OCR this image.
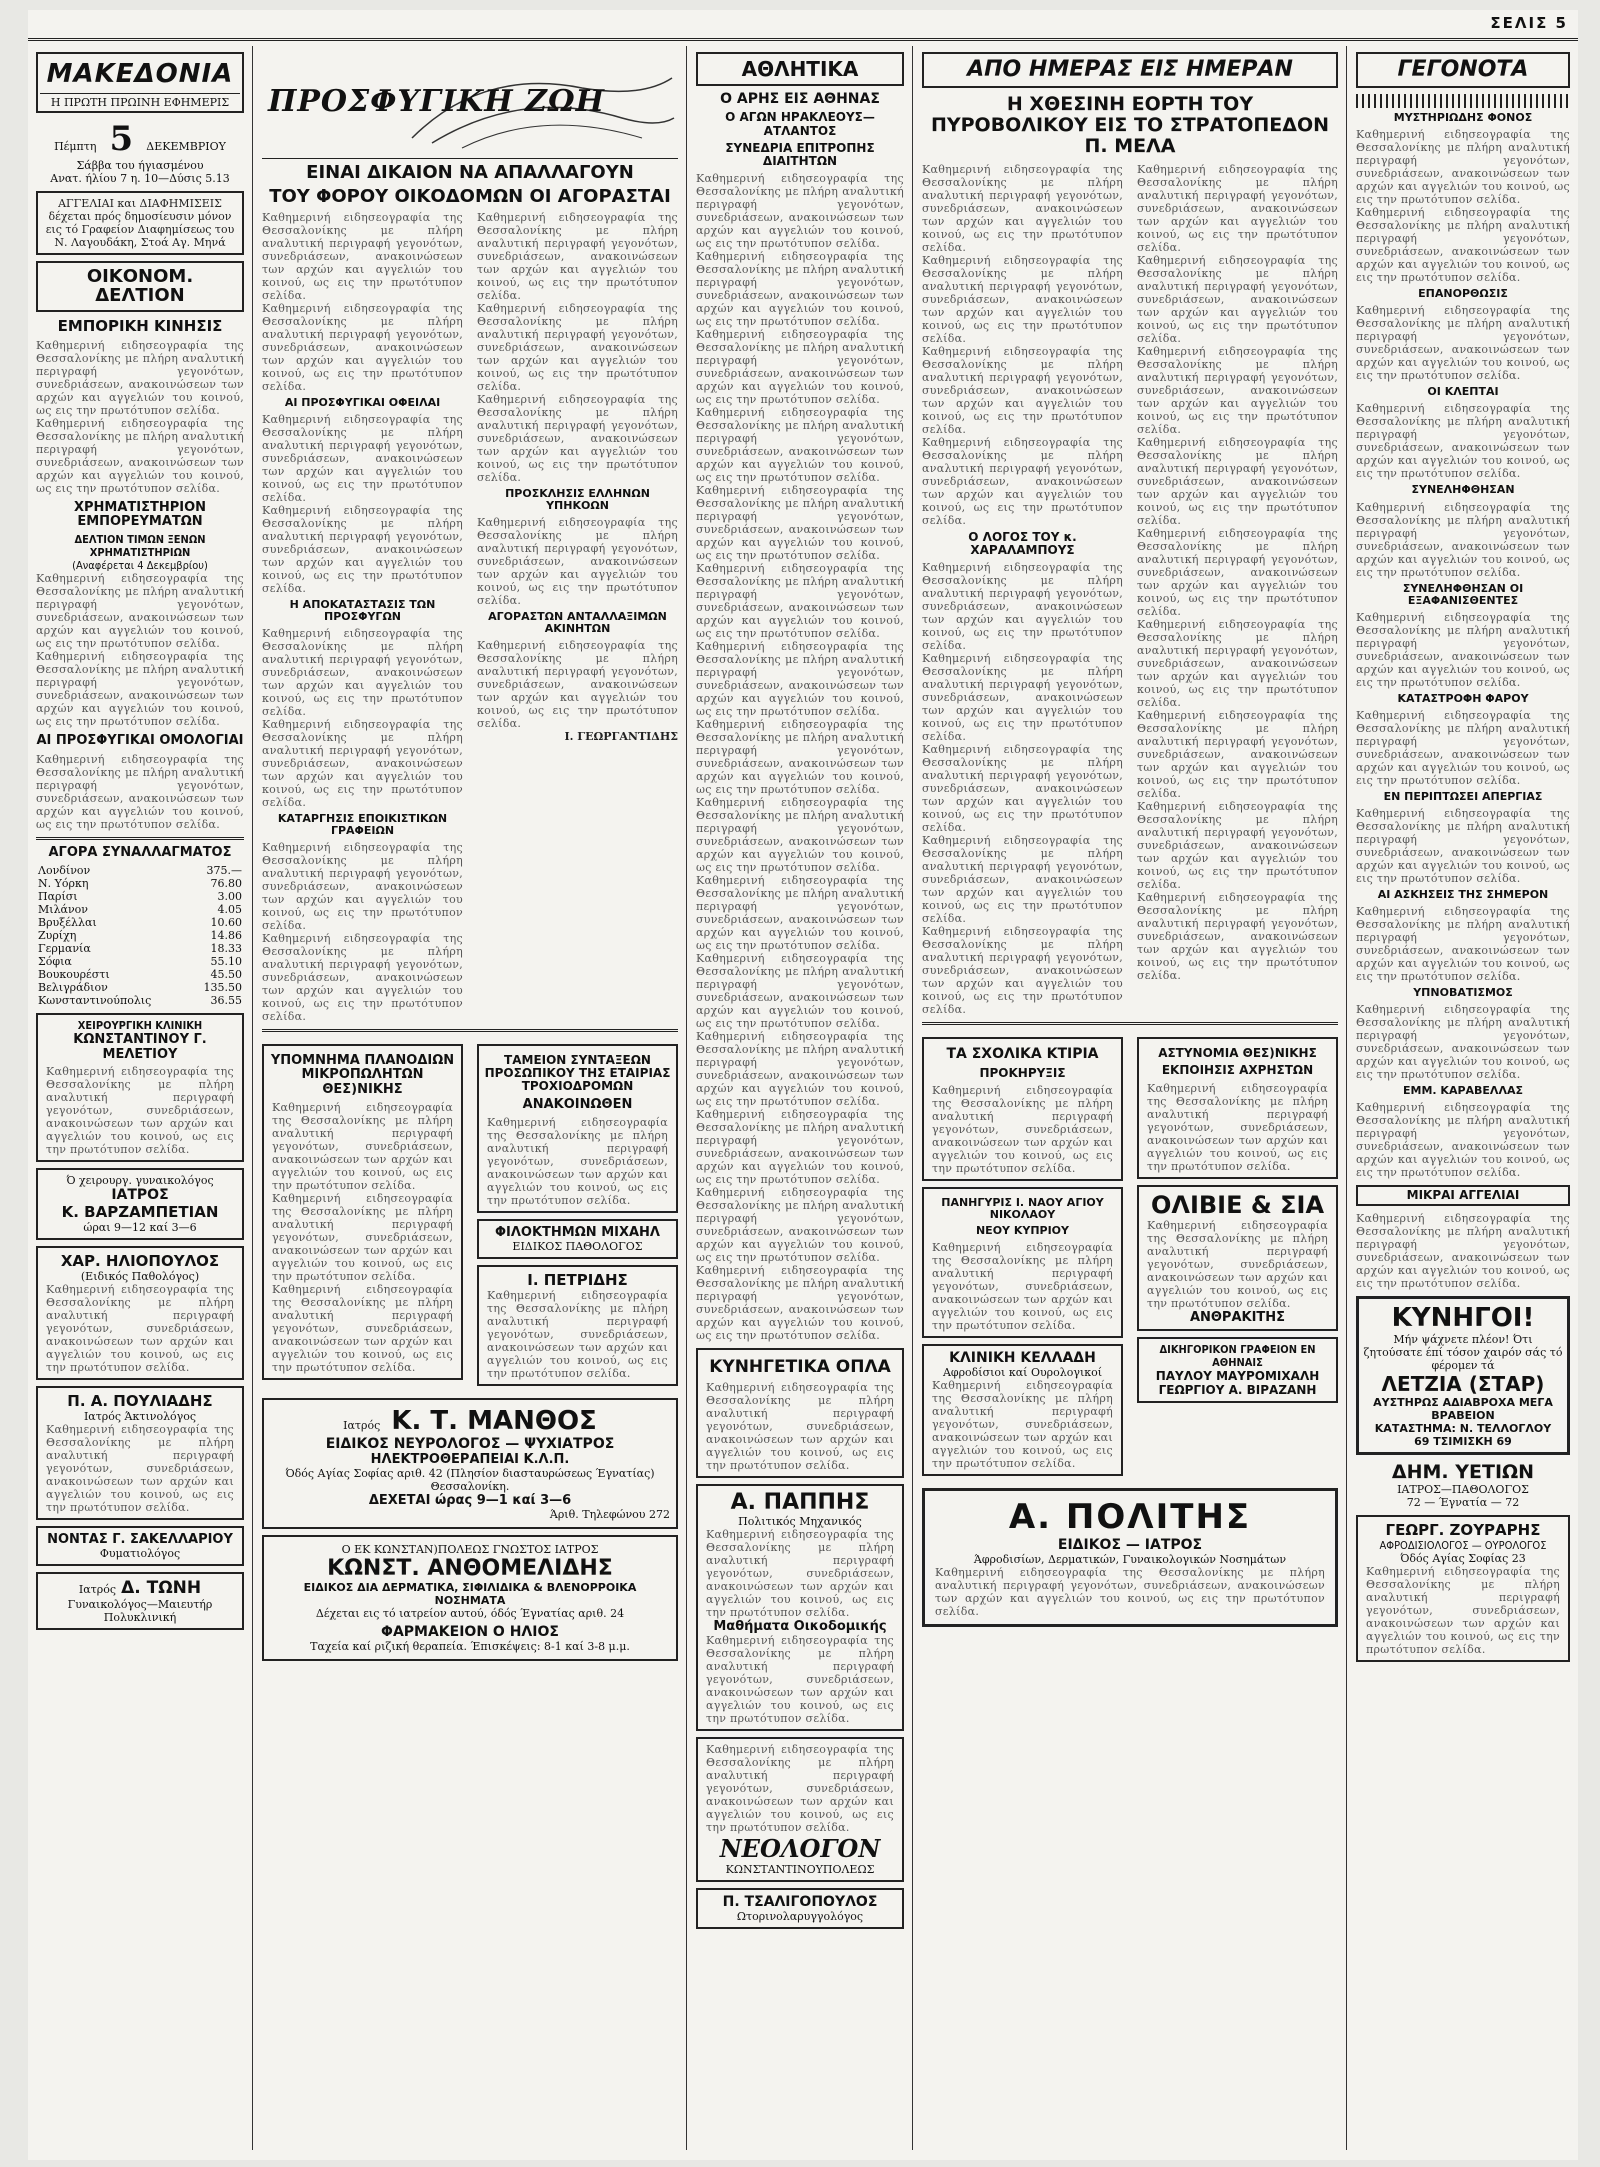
ΣΕΛΙΣ 5
ΜΑΚΕΔΟΝΙΑ
Η ΠΡΩΤΗ ΠΡΩΙΝΗ ΕΦΗΜΕΡΙΣ
Πέμπτη 5 ΔΕΚΕΜΒΡΙΟΥ
Σάββα του ήγιασμένου
Ανατ. ήλίου 7 η. 10—Δύσις 5.13
ΑΓΓΕΛΙΑΙ και ΔΙΑΦΗΜΙΣΕΙΣ δέχεται πρός δημοσίευσιν μόνον εις τό Γραφείον Διαφημίσεως του Ν. Λαγουδάκη, Στοά Αγ. Μηνά
ΟΙΚΟΝΟΜ. ΔΕΛΤΙΟΝ
ΕΜΠΟΡΙΚΗ ΚΙΝΗΣΙΣ
Καθημερινή ειδησεογραφία της Θεσσαλονίκης με πλήρη αναλυτική περιγραφή γεγονότων, συνεδριάσεων, ανακοινώσεων των αρχών και αγγελιών του κοινού, ως εις την πρωτότυπον σελίδα.
Καθημερινή ειδησεογραφία της Θεσσαλονίκης με πλήρη αναλυτική περιγραφή γεγονότων, συνεδριάσεων, ανακοινώσεων των αρχών και αγγελιών του κοινού, ως εις την πρωτότυπον σελίδα.
ΧΡΗΜΑΤΙΣΤΗΡΙΟΝ ΕΜΠΟΡΕΥΜΑΤΩΝ
ΔΕΛΤΙΟΝ ΤΙΜΩΝ ΞΕΝΩΝ ΧΡΗΜΑΤΙΣΤΗΡΙΩΝ
(Αναφέρεται 4 Δεκεμβρίου)
Καθημερινή ειδησεογραφία της Θεσσαλονίκης με πλήρη αναλυτική περιγραφή γεγονότων, συνεδριάσεων, ανακοινώσεων των αρχών και αγγελιών του κοινού, ως εις την πρωτότυπον σελίδα.
Καθημερινή ειδησεογραφία της Θεσσαλονίκης με πλήρη αναλυτική περιγραφή γεγονότων, συνεδριάσεων, ανακοινώσεων των αρχών και αγγελιών του κοινού, ως εις την πρωτότυπον σελίδα.
ΑΙ ΠΡΟΣΦΥΓΙΚΑΙ ΟΜΟΛΟΓΙΑΙ
Καθημερινή ειδησεογραφία της Θεσσαλονίκης με πλήρη αναλυτική περιγραφή γεγονότων, συνεδριάσεων, ανακοινώσεων των αρχών και αγγελιών του κοινού, ως εις την πρωτότυπον σελίδα.
ΑΓΟΡΑ ΣΥΝΑΛΛΑΓΜΑΤΟΣ
Λονδίνον	375.—
Ν. Υόρκη	76.80
Παρίσι	3.00
Μιλάνον	4.05
Βρυξέλλαι	10.60
Ζυρίχη	14.86
Γερμανία	18.33
Σόφια	55.10
Βουκουρέστι	45.50
Βελιγράδιον	135.50
Κωνσταντινούπολις	36.55
ΧΕΙΡΟΥΡΓΙΚΗ ΚΛΙΝΙΚΗ
ΚΩΝΣΤΑΝΤΙΝΟΥ Γ. ΜΕΛΕΤΙΟΥ
Καθημερινή ειδησεογραφία της Θεσσαλονίκης με πλήρη αναλυτική περιγραφή γεγονότων, συνεδριάσεων, ανακοινώσεων των αρχών και αγγελιών του κοινού, ως εις την πρωτότυπον σελίδα.
Ό χειρουργ. γυναικολόγος
ΙΑΤΡΟΣ
Κ. ΒΑΡΖΑΜΠΕΤΙΑΝ
ώραι 9—12 καί 3—6
ΧΑΡ. ΗΛΙΟΠΟΥΛΟΣ
(Ειδικός Παθολόγος)
Καθημερινή ειδησεογραφία της Θεσσαλονίκης με πλήρη αναλυτική περιγραφή γεγονότων, συνεδριάσεων, ανακοινώσεων των αρχών και αγγελιών του κοινού, ως εις την πρωτότυπον σελίδα.
Π. Α. ΠΟΥΛΙΑΔΗΣ
Ιατρός Άκτινολόγος
Καθημερινή ειδησεογραφία της Θεσσαλονίκης με πλήρη αναλυτική περιγραφή γεγονότων, συνεδριάσεων, ανακοινώσεων των αρχών και αγγελιών του κοινού, ως εις την πρωτότυπον σελίδα.
ΝΟΝΤΑΣ Γ. ΣΑΚΕΛΛΑΡΙΟΥ
Φυματιολόγος
Ιατρός Δ. ΤΩΝΗ
Γυναικολόγος—Μαιευτήρ Πολυκλινική
ΠΡΟΣΦΥΓΙΚΗ ΖΩΗ
ΕΙΝΑΙ ΔΙΚΑΙΟΝ ΝΑ ΑΠΑΛΛΑΓΟΥΝ
ΤΟΥ ΦΟΡΟΥ ΟΙΚΟΔΟΜΩΝ ΟΙ ΑΓΟΡΑΣΤΑΙ
Καθημερινή ειδησεογραφία της Θεσσαλονίκης με πλήρη αναλυτική περιγραφή γεγονότων, συνεδριάσεων, ανακοινώσεων των αρχών και αγγελιών του κοινού, ως εις την πρωτότυπον σελίδα.
Καθημερινή ειδησεογραφία της Θεσσαλονίκης με πλήρη αναλυτική περιγραφή γεγονότων, συνεδριάσεων, ανακοινώσεων των αρχών και αγγελιών του κοινού, ως εις την πρωτότυπον σελίδα.
ΑΙ ΠΡΟΣΦΥΓΙΚΑΙ ΟΦΕΙΛΑΙ
Καθημερινή ειδησεογραφία της Θεσσαλονίκης με πλήρη αναλυτική περιγραφή γεγονότων, συνεδριάσεων, ανακοινώσεων των αρχών και αγγελιών του κοινού, ως εις την πρωτότυπον σελίδα.
Καθημερινή ειδησεογραφία της Θεσσαλονίκης με πλήρη αναλυτική περιγραφή γεγονότων, συνεδριάσεων, ανακοινώσεων των αρχών και αγγελιών του κοινού, ως εις την πρωτότυπον σελίδα.
Η ΑΠΟΚΑΤΑΣΤΑΣΙΣ ΤΩΝ ΠΡΟΣΦΥΓΩΝ
Καθημερινή ειδησεογραφία της Θεσσαλονίκης με πλήρη αναλυτική περιγραφή γεγονότων, συνεδριάσεων, ανακοινώσεων των αρχών και αγγελιών του κοινού, ως εις την πρωτότυπον σελίδα.
Καθημερινή ειδησεογραφία της Θεσσαλονίκης με πλήρη αναλυτική περιγραφή γεγονότων, συνεδριάσεων, ανακοινώσεων των αρχών και αγγελιών του κοινού, ως εις την πρωτότυπον σελίδα.
ΚΑΤΑΡΓΗΣΙΣ ΕΠΟΙΚΙΣΤΙΚΩΝ ΓΡΑΦΕΙΩΝ
Καθημερινή ειδησεογραφία της Θεσσαλονίκης με πλήρη αναλυτική περιγραφή γεγονότων, συνεδριάσεων, ανακοινώσεων των αρχών και αγγελιών του κοινού, ως εις την πρωτότυπον σελίδα.
Καθημερινή ειδησεογραφία της Θεσσαλονίκης με πλήρη αναλυτική περιγραφή γεγονότων, συνεδριάσεων, ανακοινώσεων των αρχών και αγγελιών του κοινού, ως εις την πρωτότυπον σελίδα.
Καθημερινή ειδησεογραφία της Θεσσαλονίκης με πλήρη αναλυτική περιγραφή γεγονότων, συνεδριάσεων, ανακοινώσεων των αρχών και αγγελιών του κοινού, ως εις την πρωτότυπον σελίδα.
Καθημερινή ειδησεογραφία της Θεσσαλονίκης με πλήρη αναλυτική περιγραφή γεγονότων, συνεδριάσεων, ανακοινώσεων των αρχών και αγγελιών του κοινού, ως εις την πρωτότυπον σελίδα.
Καθημερινή ειδησεογραφία της Θεσσαλονίκης με πλήρη αναλυτική περιγραφή γεγονότων, συνεδριάσεων, ανακοινώσεων των αρχών και αγγελιών του κοινού, ως εις την πρωτότυπον σελίδα.
ΠΡΟΣΚΛΗΣΙΣ ΕΛΛΗΝΩΝ ΥΠΗΚΟΩΝ
Καθημερινή ειδησεογραφία της Θεσσαλονίκης με πλήρη αναλυτική περιγραφή γεγονότων, συνεδριάσεων, ανακοινώσεων των αρχών και αγγελιών του κοινού, ως εις την πρωτότυπον σελίδα.
ΑΓΟΡΑΣΤΩΝ ΑΝΤΑΛΛΑΞΙΜΩΝ ΑΚΙΝΗΤΩΝ
Καθημερινή ειδησεογραφία της Θεσσαλονίκης με πλήρη αναλυτική περιγραφή γεγονότων, συνεδριάσεων, ανακοινώσεων των αρχών και αγγελιών του κοινού, ως εις την πρωτότυπον σελίδα.
Ι. ΓΕΩΡΓΑΝΤΙΔΗΣ
ΥΠΟΜΝΗΜΑ ΠΛΑΝΟΔΙΩΝ ΜΙΚΡΟΠΩΛΗΤΩΝ ΘΕΣ)ΝΙΚΗΣ
Καθημερινή ειδησεογραφία της Θεσσαλονίκης με πλήρη αναλυτική περιγραφή γεγονότων, συνεδριάσεων, ανακοινώσεων των αρχών και αγγελιών του κοινού, ως εις την πρωτότυπον σελίδα.
Καθημερινή ειδησεογραφία της Θεσσαλονίκης με πλήρη αναλυτική περιγραφή γεγονότων, συνεδριάσεων, ανακοινώσεων των αρχών και αγγελιών του κοινού, ως εις την πρωτότυπον σελίδα.
Καθημερινή ειδησεογραφία της Θεσσαλονίκης με πλήρη αναλυτική περιγραφή γεγονότων, συνεδριάσεων, ανακοινώσεων των αρχών και αγγελιών του κοινού, ως εις την πρωτότυπον σελίδα.
ΤΑΜΕΙΟΝ ΣΥΝΤΑΞΕΩΝ ΠΡΟΣΩΠΙΚΟΥ ΤΗΣ ΕΤΑΙΡΙΑΣ ΤΡΟΧΙΟΔΡΟΜΩΝ
ΑΝΑΚΟΙΝΩΘΕΝ
Καθημερινή ειδησεογραφία της Θεσσαλονίκης με πλήρη αναλυτική περιγραφή γεγονότων, συνεδριάσεων, ανακοινώσεων των αρχών και αγγελιών του κοινού, ως εις την πρωτότυπον σελίδα.
ΦΙΛΟΚΤΗΜΩΝ ΜΙΧΑΗΛ
ΕΙΔΙΚΟΣ ΠΑΘΟΛΟΓΟΣ
Ι. ΠΕΤΡΙΔΗΣ
Καθημερινή ειδησεογραφία της Θεσσαλονίκης με πλήρη αναλυτική περιγραφή γεγονότων, συνεδριάσεων, ανακοινώσεων των αρχών και αγγελιών του κοινού, ως εις την πρωτότυπον σελίδα.
Ιατρός Κ. Τ. ΜΑΝΘΟΣ
ΕΙΔΙΚΟΣ ΝΕΥΡΟΛΟΓΟΣ — ΨΥΧΙΑΤΡΟΣ
ΗΛΕΚΤΡΟΘΕΡΑΠΕΙΑΙ Κ.Λ.Π.
Όδός Αγίας Σοφίας αριθ. 42 (Πλησίον διασταυρώσεως Έγνατίας) Θεσσαλονίκη.
ΔΕΧΕΤΑΙ ώρας 9—1 καί 3—6
Άριθ. Τηλεφώνου 272
Ο ΕΚ ΚΩΝΣΤΑΝ)ΠΟΛΕΩΣ ΓΝΩΣΤΟΣ ΙΑΤΡΟΣ
ΚΩΝΣΤ. ΑΝΘΟΜΕΛΙΔΗΣ
ΕΙΔΙΚΟΣ ΔΙΑ ΔΕΡΜΑΤΙΚΑ, ΣΙΦΙΛΙΔΙΚΑ & ΒΛΕΝΟΡΡΟΙΚΑ ΝΟΣΗΜΑΤΑ
Δέχεται εις τό ιατρείον αυτού, όδός Έγνατίας αριθ. 24
ΦΑΡΜΑΚΕΙΟΝ Ο ΗΛΙΟΣ
Ταχεία καί ριζική θεραπεία. Έπισκέψεις: 8-1 καί 3-8 μ.μ.
ΑΘΛΗΤΙΚΑ
Ο ΑΡΗΣ ΕΙΣ ΑΘΗΝΑΣ
Ο ΑΓΩΝ ΗΡΑΚΛΕΟΥΣ—ΑΤΛΑΝΤΟΣ
ΣΥΝΕΔΡΙΑ ΕΠΙΤΡΟΠΗΣ ΔΙΑΙΤΗΤΩΝ
Καθημερινή ειδησεογραφία της Θεσσαλονίκης με πλήρη αναλυτική περιγραφή γεγονότων, συνεδριάσεων, ανακοινώσεων των αρχών και αγγελιών του κοινού, ως εις την πρωτότυπον σελίδα.
Καθημερινή ειδησεογραφία της Θεσσαλονίκης με πλήρη αναλυτική περιγραφή γεγονότων, συνεδριάσεων, ανακοινώσεων των αρχών και αγγελιών του κοινού, ως εις την πρωτότυπον σελίδα.
Καθημερινή ειδησεογραφία της Θεσσαλονίκης με πλήρη αναλυτική περιγραφή γεγονότων, συνεδριάσεων, ανακοινώσεων των αρχών και αγγελιών του κοινού, ως εις την πρωτότυπον σελίδα.
Καθημερινή ειδησεογραφία της Θεσσαλονίκης με πλήρη αναλυτική περιγραφή γεγονότων, συνεδριάσεων, ανακοινώσεων των αρχών και αγγελιών του κοινού, ως εις την πρωτότυπον σελίδα.
Καθημερινή ειδησεογραφία της Θεσσαλονίκης με πλήρη αναλυτική περιγραφή γεγονότων, συνεδριάσεων, ανακοινώσεων των αρχών και αγγελιών του κοινού, ως εις την πρωτότυπον σελίδα.
Καθημερινή ειδησεογραφία της Θεσσαλονίκης με πλήρη αναλυτική περιγραφή γεγονότων, συνεδριάσεων, ανακοινώσεων των αρχών και αγγελιών του κοινού, ως εις την πρωτότυπον σελίδα.
Καθημερινή ειδησεογραφία της Θεσσαλονίκης με πλήρη αναλυτική περιγραφή γεγονότων, συνεδριάσεων, ανακοινώσεων των αρχών και αγγελιών του κοινού, ως εις την πρωτότυπον σελίδα.
Καθημερινή ειδησεογραφία της Θεσσαλονίκης με πλήρη αναλυτική περιγραφή γεγονότων, συνεδριάσεων, ανακοινώσεων των αρχών και αγγελιών του κοινού, ως εις την πρωτότυπον σελίδα.
Καθημερινή ειδησεογραφία της Θεσσαλονίκης με πλήρη αναλυτική περιγραφή γεγονότων, συνεδριάσεων, ανακοινώσεων των αρχών και αγγελιών του κοινού, ως εις την πρωτότυπον σελίδα.
Καθημερινή ειδησεογραφία της Θεσσαλονίκης με πλήρη αναλυτική περιγραφή γεγονότων, συνεδριάσεων, ανακοινώσεων των αρχών και αγγελιών του κοινού, ως εις την πρωτότυπον σελίδα.
Καθημερινή ειδησεογραφία της Θεσσαλονίκης με πλήρη αναλυτική περιγραφή γεγονότων, συνεδριάσεων, ανακοινώσεων των αρχών και αγγελιών του κοινού, ως εις την πρωτότυπον σελίδα.
Καθημερινή ειδησεογραφία της Θεσσαλονίκης με πλήρη αναλυτική περιγραφή γεγονότων, συνεδριάσεων, ανακοινώσεων των αρχών και αγγελιών του κοινού, ως εις την πρωτότυπον σελίδα.
Καθημερινή ειδησεογραφία της Θεσσαλονίκης με πλήρη αναλυτική περιγραφή γεγονότων, συνεδριάσεων, ανακοινώσεων των αρχών και αγγελιών του κοινού, ως εις την πρωτότυπον σελίδα.
Καθημερινή ειδησεογραφία της Θεσσαλονίκης με πλήρη αναλυτική περιγραφή γεγονότων, συνεδριάσεων, ανακοινώσεων των αρχών και αγγελιών του κοινού, ως εις την πρωτότυπον σελίδα.
Καθημερινή ειδησεογραφία της Θεσσαλονίκης με πλήρη αναλυτική περιγραφή γεγονότων, συνεδριάσεων, ανακοινώσεων των αρχών και αγγελιών του κοινού, ως εις την πρωτότυπον σελίδα.
ΚΥΝΗΓΕΤΙΚΑ ΟΠΛΑ
Καθημερινή ειδησεογραφία της Θεσσαλονίκης με πλήρη αναλυτική περιγραφή γεγονότων, συνεδριάσεων, ανακοινώσεων των αρχών και αγγελιών του κοινού, ως εις την πρωτότυπον σελίδα.
Α. ΠΑΠΠΗΣ
Πολιτικός Μηχανικός
Καθημερινή ειδησεογραφία της Θεσσαλονίκης με πλήρη αναλυτική περιγραφή γεγονότων, συνεδριάσεων, ανακοινώσεων των αρχών και αγγελιών του κοινού, ως εις την πρωτότυπον σελίδα.
Μαθήματα Οικοδομικής
Καθημερινή ειδησεογραφία της Θεσσαλονίκης με πλήρη αναλυτική περιγραφή γεγονότων, συνεδριάσεων, ανακοινώσεων των αρχών και αγγελιών του κοινού, ως εις την πρωτότυπον σελίδα.
Καθημερινή ειδησεογραφία της Θεσσαλονίκης με πλήρη αναλυτική περιγραφή γεγονότων, συνεδριάσεων, ανακοινώσεων των αρχών και αγγελιών του κοινού, ως εις την πρωτότυπον σελίδα.
ΝΕΟΛΟΓΟΝ
ΚΩΝΣΤΑΝΤΙΝΟΥΠΟΛΕΩΣ
Π. ΤΣΑΛΙΓΟΠΟΥΛΟΣ
Ωτορινολαρυγγολόγος
ΑΠΟ ΗΜΕΡΑΣ ΕΙΣ ΗΜΕΡΑΝ
Η ΧΘΕΣΙΝΗ ΕΟΡΤΗ ΤΟΥ ΠΥΡΟΒΟΛΙΚΟΥ ΕΙΣ ΤΟ ΣΤΡΑΤΟΠΕΔΟΝ Π. ΜΕΛΑ
Καθημερινή ειδησεογραφία της Θεσσαλονίκης με πλήρη αναλυτική περιγραφή γεγονότων, συνεδριάσεων, ανακοινώσεων των αρχών και αγγελιών του κοινού, ως εις την πρωτότυπον σελίδα.
Καθημερινή ειδησεογραφία της Θεσσαλονίκης με πλήρη αναλυτική περιγραφή γεγονότων, συνεδριάσεων, ανακοινώσεων των αρχών και αγγελιών του κοινού, ως εις την πρωτότυπον σελίδα.
Καθημερινή ειδησεογραφία της Θεσσαλονίκης με πλήρη αναλυτική περιγραφή γεγονότων, συνεδριάσεων, ανακοινώσεων των αρχών και αγγελιών του κοινού, ως εις την πρωτότυπον σελίδα.
Καθημερινή ειδησεογραφία της Θεσσαλονίκης με πλήρη αναλυτική περιγραφή γεγονότων, συνεδριάσεων, ανακοινώσεων των αρχών και αγγελιών του κοινού, ως εις την πρωτότυπον σελίδα.
Ο ΛΟΓΟΣ ΤΟΥ κ. ΧΑΡΑΛΑΜΠΟΥΣ
Καθημερινή ειδησεογραφία της Θεσσαλονίκης με πλήρη αναλυτική περιγραφή γεγονότων, συνεδριάσεων, ανακοινώσεων των αρχών και αγγελιών του κοινού, ως εις την πρωτότυπον σελίδα.
Καθημερινή ειδησεογραφία της Θεσσαλονίκης με πλήρη αναλυτική περιγραφή γεγονότων, συνεδριάσεων, ανακοινώσεων των αρχών και αγγελιών του κοινού, ως εις την πρωτότυπον σελίδα.
Καθημερινή ειδησεογραφία της Θεσσαλονίκης με πλήρη αναλυτική περιγραφή γεγονότων, συνεδριάσεων, ανακοινώσεων των αρχών και αγγελιών του κοινού, ως εις την πρωτότυπον σελίδα.
Καθημερινή ειδησεογραφία της Θεσσαλονίκης με πλήρη αναλυτική περιγραφή γεγονότων, συνεδριάσεων, ανακοινώσεων των αρχών και αγγελιών του κοινού, ως εις την πρωτότυπον σελίδα.
Καθημερινή ειδησεογραφία της Θεσσαλονίκης με πλήρη αναλυτική περιγραφή γεγονότων, συνεδριάσεων, ανακοινώσεων των αρχών και αγγελιών του κοινού, ως εις την πρωτότυπον σελίδα.
Καθημερινή ειδησεογραφία της Θεσσαλονίκης με πλήρη αναλυτική περιγραφή γεγονότων, συνεδριάσεων, ανακοινώσεων των αρχών και αγγελιών του κοινού, ως εις την πρωτότυπον σελίδα.
Καθημερινή ειδησεογραφία της Θεσσαλονίκης με πλήρη αναλυτική περιγραφή γεγονότων, συνεδριάσεων, ανακοινώσεων των αρχών και αγγελιών του κοινού, ως εις την πρωτότυπον σελίδα.
Καθημερινή ειδησεογραφία της Θεσσαλονίκης με πλήρη αναλυτική περιγραφή γεγονότων, συνεδριάσεων, ανακοινώσεων των αρχών και αγγελιών του κοινού, ως εις την πρωτότυπον σελίδα.
Καθημερινή ειδησεογραφία της Θεσσαλονίκης με πλήρη αναλυτική περιγραφή γεγονότων, συνεδριάσεων, ανακοινώσεων των αρχών και αγγελιών του κοινού, ως εις την πρωτότυπον σελίδα.
Καθημερινή ειδησεογραφία της Θεσσαλονίκης με πλήρη αναλυτική περιγραφή γεγονότων, συνεδριάσεων, ανακοινώσεων των αρχών και αγγελιών του κοινού, ως εις την πρωτότυπον σελίδα.
Καθημερινή ειδησεογραφία της Θεσσαλονίκης με πλήρη αναλυτική περιγραφή γεγονότων, συνεδριάσεων, ανακοινώσεων των αρχών και αγγελιών του κοινού, ως εις την πρωτότυπον σελίδα.
Καθημερινή ειδησεογραφία της Θεσσαλονίκης με πλήρη αναλυτική περιγραφή γεγονότων, συνεδριάσεων, ανακοινώσεων των αρχών και αγγελιών του κοινού, ως εις την πρωτότυπον σελίδα.
Καθημερινή ειδησεογραφία της Θεσσαλονίκης με πλήρη αναλυτική περιγραφή γεγονότων, συνεδριάσεων, ανακοινώσεων των αρχών και αγγελιών του κοινού, ως εις την πρωτότυπον σελίδα.
Καθημερινή ειδησεογραφία της Θεσσαλονίκης με πλήρη αναλυτική περιγραφή γεγονότων, συνεδριάσεων, ανακοινώσεων των αρχών και αγγελιών του κοινού, ως εις την πρωτότυπον σελίδα.
ΤΑ ΣΧΟΛΙΚΑ ΚΤΙΡΙΑ
ΠΡΟΚΗΡΥΞΙΣ
Καθημερινή ειδησεογραφία της Θεσσαλονίκης με πλήρη αναλυτική περιγραφή γεγονότων, συνεδριάσεων, ανακοινώσεων των αρχών και αγγελιών του κοινού, ως εις την πρωτότυπον σελίδα.
ΠΑΝΗΓΥΡΙΣ Ι. ΝΑΟΥ ΑΓΙΟΥ ΝΙΚΟΛΑΟΥ
ΝΕΟΥ ΚΥΠΡΙΟΥ
Καθημερινή ειδησεογραφία της Θεσσαλονίκης με πλήρη αναλυτική περιγραφή γεγονότων, συνεδριάσεων, ανακοινώσεων των αρχών και αγγελιών του κοινού, ως εις την πρωτότυπον σελίδα.
ΚΛΙΝΙΚΗ ΚΕΛΛΑΔΗ
Αφροδίσιοι καί Ουρολογικοί
Καθημερινή ειδησεογραφία της Θεσσαλονίκης με πλήρη αναλυτική περιγραφή γεγονότων, συνεδριάσεων, ανακοινώσεων των αρχών και αγγελιών του κοινού, ως εις την πρωτότυπον σελίδα.
ΑΣΤΥΝΟΜΙΑ ΘΕΣ)ΝΙΚΗΣ
ΕΚΠΟΙΗΣΙΣ ΑΧΡΗΣΤΩΝ
Καθημερινή ειδησεογραφία της Θεσσαλονίκης με πλήρη αναλυτική περιγραφή γεγονότων, συνεδριάσεων, ανακοινώσεων των αρχών και αγγελιών του κοινού, ως εις την πρωτότυπον σελίδα.
ΟΛΙΒΙΕ & ΣΙΑ
Καθημερινή ειδησεογραφία της Θεσσαλονίκης με πλήρη αναλυτική περιγραφή γεγονότων, συνεδριάσεων, ανακοινώσεων των αρχών και αγγελιών του κοινού, ως εις την πρωτότυπον σελίδα.
ΑΝΘΡΑΚΙΤΗΣ
ΔΙΚΗΓΟΡΙΚΟΝ ΓΡΑΦΕΙΟΝ ΕΝ ΑΘΗΝΑΙΣ
ΠΑΥΛΟΥ ΜΑΥΡΟΜΙΧΑΛΗ
ΓΕΩΡΓΙΟΥ Α. ΒΙΡΑΖΑΝΗ
Α. ΠΟΛΙΤΗΣ
ΕΙΔΙΚΟΣ — ΙΑΤΡΟΣ
Άφροδισίων, Δερματικών, Γυναικολογικών Νοσημάτων
Καθημερινή ειδησεογραφία της Θεσσαλονίκης με πλήρη αναλυτική περιγραφή γεγονότων, συνεδριάσεων, ανακοινώσεων των αρχών και αγγελιών του κοινού, ως εις την πρωτότυπον σελίδα.
ΓΕΓΟΝΟΤΑ
ΜΥΣΤΗΡΙΩΔΗΣ ΦΟΝΟΣ
Καθημερινή ειδησεογραφία της Θεσσαλονίκης με πλήρη αναλυτική περιγραφή γεγονότων, συνεδριάσεων, ανακοινώσεων των αρχών και αγγελιών του κοινού, ως εις την πρωτότυπον σελίδα.
Καθημερινή ειδησεογραφία της Θεσσαλονίκης με πλήρη αναλυτική περιγραφή γεγονότων, συνεδριάσεων, ανακοινώσεων των αρχών και αγγελιών του κοινού, ως εις την πρωτότυπον σελίδα.
ΕΠΑΝΟΡΘΩΣΙΣ
Καθημερινή ειδησεογραφία της Θεσσαλονίκης με πλήρη αναλυτική περιγραφή γεγονότων, συνεδριάσεων, ανακοινώσεων των αρχών και αγγελιών του κοινού, ως εις την πρωτότυπον σελίδα.
ΟΙ ΚΛΕΠΤΑΙ
Καθημερινή ειδησεογραφία της Θεσσαλονίκης με πλήρη αναλυτική περιγραφή γεγονότων, συνεδριάσεων, ανακοινώσεων των αρχών και αγγελιών του κοινού, ως εις την πρωτότυπον σελίδα.
ΣΥΝΕΛΗΦΘΗΣΑΝ
Καθημερινή ειδησεογραφία της Θεσσαλονίκης με πλήρη αναλυτική περιγραφή γεγονότων, συνεδριάσεων, ανακοινώσεων των αρχών και αγγελιών του κοινού, ως εις την πρωτότυπον σελίδα.
ΣΥΝΕΛΗΦΘΗΣΑΝ ΟΙ ΕΞΑΦΑΝΙΣΘΕΝΤΕΣ
Καθημερινή ειδησεογραφία της Θεσσαλονίκης με πλήρη αναλυτική περιγραφή γεγονότων, συνεδριάσεων, ανακοινώσεων των αρχών και αγγελιών του κοινού, ως εις την πρωτότυπον σελίδα.
ΚΑΤΑΣΤΡΟΦΗ ΦΑΡΟΥ
Καθημερινή ειδησεογραφία της Θεσσαλονίκης με πλήρη αναλυτική περιγραφή γεγονότων, συνεδριάσεων, ανακοινώσεων των αρχών και αγγελιών του κοινού, ως εις την πρωτότυπον σελίδα.
ΕΝ ΠΕΡΙΠΤΩΣΕΙ ΑΠΕΡΓΙΑΣ
Καθημερινή ειδησεογραφία της Θεσσαλονίκης με πλήρη αναλυτική περιγραφή γεγονότων, συνεδριάσεων, ανακοινώσεων των αρχών και αγγελιών του κοινού, ως εις την πρωτότυπον σελίδα.
ΑΙ ΑΣΚΗΣΕΙΣ ΤΗΣ ΣΗΜΕΡΟΝ
Καθημερινή ειδησεογραφία της Θεσσαλονίκης με πλήρη αναλυτική περιγραφή γεγονότων, συνεδριάσεων, ανακοινώσεων των αρχών και αγγελιών του κοινού, ως εις την πρωτότυπον σελίδα.
ΥΠΝΟΒΑΤΙΣΜΟΣ
Καθημερινή ειδησεογραφία της Θεσσαλονίκης με πλήρη αναλυτική περιγραφή γεγονότων, συνεδριάσεων, ανακοινώσεων των αρχών και αγγελιών του κοινού, ως εις την πρωτότυπον σελίδα.
ΕΜΜ. ΚΑΡΑΒΕΛΛΑΣ
Καθημερινή ειδησεογραφία της Θεσσαλονίκης με πλήρη αναλυτική περιγραφή γεγονότων, συνεδριάσεων, ανακοινώσεων των αρχών και αγγελιών του κοινού, ως εις την πρωτότυπον σελίδα.
ΜΙΚΡΑΙ ΑΓΓΕΛΙΑΙ
Καθημερινή ειδησεογραφία της Θεσσαλονίκης με πλήρη αναλυτική περιγραφή γεγονότων, συνεδριάσεων, ανακοινώσεων των αρχών και αγγελιών του κοινού, ως εις την πρωτότυπον σελίδα.
ΚΥΝΗΓΟΙ!
Μήν ψάχνετε πλέον! Ότι ζητούσατε έπί τόσον χαιρόν σάς τό φέρομεν τά
ΛΕΤΖΙΑ (ΣΤΑΡ)
ΑΥΣΤΗΡΩΣ ΑΔΙΑΒΡΟΧΑ ΜΕΓΑ ΒΡΑΒΕΙΟΝ
ΚΑΤΑΣΤΗΜΑ: Ν. ΤΕΛΛΟΓΛΟΥ
69 ΤΣΙΜΙΣΚΗ 69
ΔΗΜ. ΥΕΤΙΩΝ
ΙΑΤΡΟΣ—ΠΑΘΟΛΟΓΟΣ
72 — Έγνατία — 72
ΓΕΩΡΓ. ΖΟΥΡΑΡΗΣ
ΑΦΡΟΔΙΣΙΟΛΟΓΟΣ — ΟΥΡΟΛΟΓΟΣ
Όδός Αγίας Σοφίας 23
Καθημερινή ειδησεογραφία της Θεσσαλονίκης με πλήρη αναλυτική περιγραφή γεγονότων, συνεδριάσεων, ανακοινώσεων των αρχών και αγγελιών του κοινού, ως εις την πρωτότυπον σελίδα.
